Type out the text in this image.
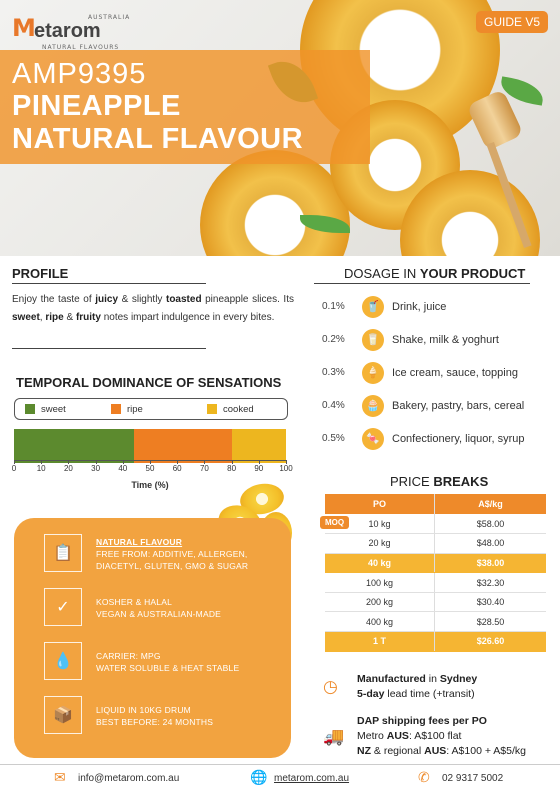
M
etarom
AUSTRALIA
NATURAL FLAVOURS
GUIDE V5
AMP9395
PINEAPPLE
NATURAL FLAVOUR
PROFILE
Enjoy the taste of juicy & slightly toasted pineapple slices. Its sweet, ripe & fruity notes impart indulgence in every bites.
DOSAGE IN YOUR PRODUCT
0.1%	🥤	Drink, juice
0.2%	🥛	Shake, milk & yoghurt
0.3%	🍦	Ice cream, sauce, topping
0.4%	🧁	Bakery, pastry, bars, cereal
0.5%	🍬	Confectionery, liquor, syrup
TEMPORAL DOMINANCE OF SENSATIONS
sweet	ripe	cooked
0	10	20	30	40	50	60	70	80	90	100
Time (%)
📋
NATURAL FLAVOUR
FREE FROM: ADDITIVE, ALLERGEN,
DIACETYL, GLUTEN, GMO & SUGAR
✓	KOSHER & HALAL
VEGAN & AUSTRALIAN-MADE
💧	CARRIER: MPG
WATER SOLUBLE & HEAT STABLE
📦	LIQUID IN 10KG DRUM
BEST BEFORE: 24 MONTHS
PRICE BREAKS
PO	A$/kg
10 kg	$58.00
20 kg	$48.00
40 kg	$38.00
100 kg	$32.30
200 kg	$30.40
400 kg	$28.50
1 T	$26.60
MOQ
◷ Manufactured in Sydney
5-day lead time (+transit)
🚚
DAP shipping fees per PO
Metro AUS: A$100 flat
NZ & regional AUS: A$100 + A$5/kg
✉ info@metarom.com.au	🌐 metarom.com.au	✆ 02 9317 5002
